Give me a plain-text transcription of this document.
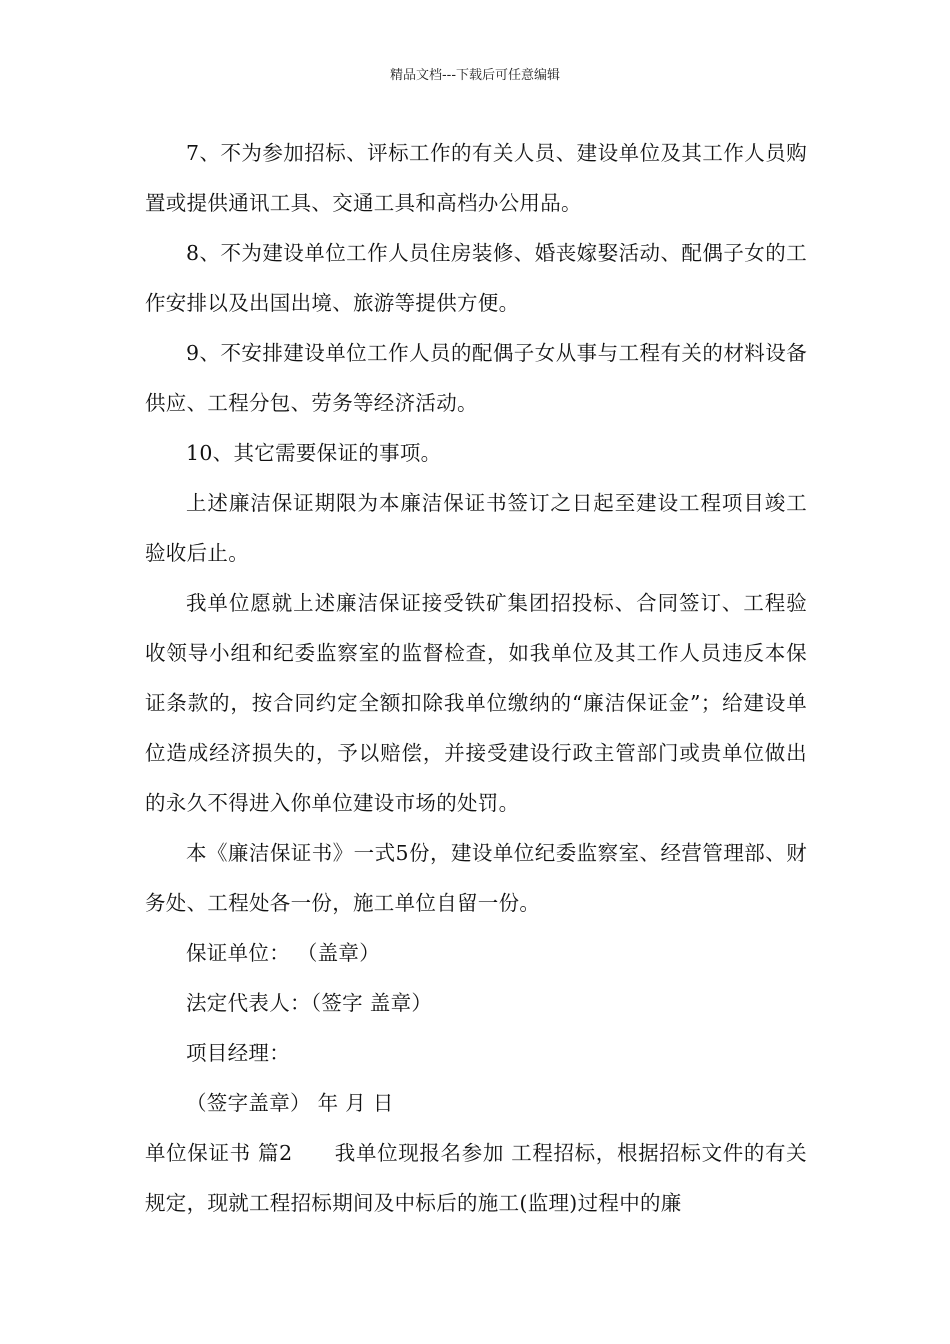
精品文档---下载后可任意编辑

7、不为参加招标、评标工作的有关人员、建设单位及其工作人员购置或提供通讯工具、交通工具和高档办公用品。

8、不为建设单位工作人员住房装修、婚丧嫁娶活动、配偶子女的工作安排以及出国出境、旅游等提供方便。

9、不安排建设单位工作人员的配偶子女从事与工程有关的材料设备供应、工程分包、劳务等经济活动。

10、其它需要保证的事项。

上述廉洁保证期限为本廉洁保证书签订之日起至建设工程项目竣工验收后止。

我单位愿就上述廉洁保证接受铁矿集团招投标、合同签订、工程验收领导小组和纪委监察室的监督检查，如我单位及其工作人员违反本保证条款的，按合同约定全额扣除我单位缴纳的“廉洁保证金”；给建设单位造成经济损失的，予以赔偿，并接受建设行政主管部门或贵单位做出的永久不得进入你单位建设市场的处罚。

本《廉洁保证书》一式5份，建设单位纪委监察室、经营管理部、财务处、工程处各一份，施工单位自留一份。

保证单位： （盖章）

法定代表人：（签字 盖章）

项目经理：

（签字盖章） 年 月 日

单位保证书 篇2 我单位现报名参加 工程招标，根据招标文件的有关规定，现就工程招标期间及中标后的施工(监理)过程中的廉
